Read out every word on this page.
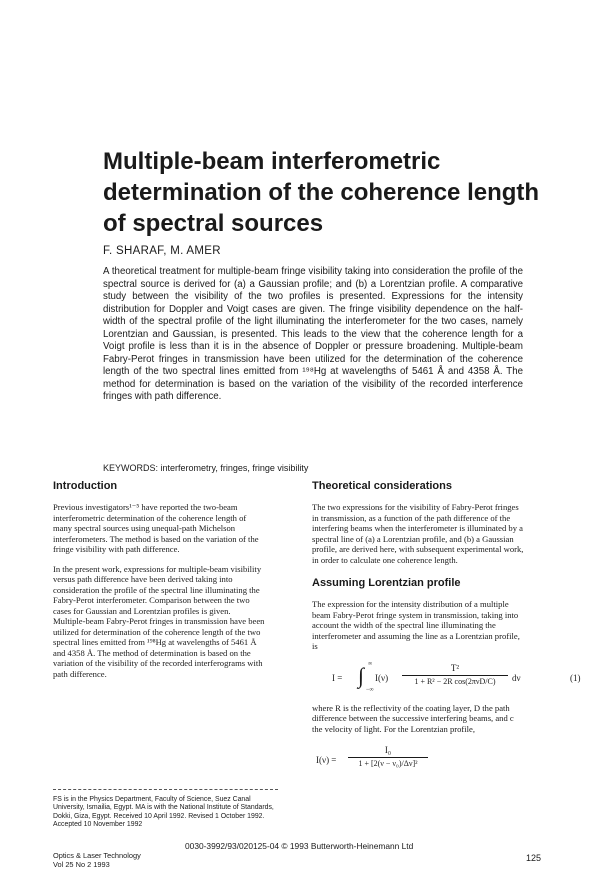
Multiple-beam interferometric determination of the coherence length of spectral sources
F. SHARAF, M. AMER
A theoretical treatment for multiple-beam fringe visibility taking into consideration the profile of the spectral source is derived for (a) a Gaussian profile; and (b) a Lorentzian profile. A comparative study between the visibility of the two profiles is presented. Expressions for the intensity distribution for Doppler and Voigt cases are given. The fringe visibility dependence on the half-width of the spectral profile of the light illuminating the interferometer for the two cases, namely Lorentzian and Gaussian, is presented. This leads to the view that the coherence length for a Voigt profile is less than it is in the absence of Doppler or pressure broadening. Multiple-beam Fabry-Perot fringes in transmission have been utilized for the determination of the coherence length of the two spectral lines emitted from ¹⁹⁸Hg at wavelengths of 5461 Å and 4358 Å. The method for determination is based on the variation of the visibility of the recorded interference fringes with path difference.
KEYWORDS: interferometry, fringes, fringe visibility
Introduction

Previous investigators¹⁻⁵ have reported the two-beam interferometric determination of the coherence length of many spectral sources using unequal-path Michelson interferometers. The method is based on the variation of the fringe visibility with path difference.

In the present work, expressions for multiple-beam visibility versus path difference have been derived taking into consideration the profile of the spectral line illuminating the Fabry-Perot interferometer. Comparison between the two cases for Gaussian and Lorentzian profiles is given. Multiple-beam Fabry-Perot fringes in transmission have been utilized for determination of the coherence length of the two spectral lines emitted from ¹⁹⁸Hg at wavelengths of 5461 Å and 4358 Å. The method of determination is based on the variation of the visibility of the recorded interferograms with path difference.

Theoretical considerations

The two expressions for the visibility of Fabry-Perot fringes in transmission, as a function of the path difference of the interfering beams when the interferometer is illuminated by a spectral line of (a) a Lorentzian profile, and (b) a Gaussian profile, are derived here, with subsequent experimental work, in order to calculate one coherence length.

Assuming Lorentzian profile

The expression for the intensity distribution of a multiple beam Fabry-Perot fringe system in transmission, taking into account the width of the spectral line illuminating the interferometer and assuming the line as a Lorentzian profile, is

I = ∫ ∞
−∞
I(ν)
T²
1 + R² − 2R cos(2πνD/C)	dν	(1)

where R is the reflectivity of the coating layer, D the path difference between the successive interfering beams, and c the velocity of light. For the Lorentzian profile,

I(ν) =
I₀
1 + [2(ν − ν₀)/Δν]²
FS is in the Physics Department, Faculty of Science, Suez Canal University, Ismailia, Egypt. MA is with the National Institute of Standards, Dokki, Giza, Egypt. Received 10 April 1992. Revised 1 October 1992. Accepted 10 November 1992
0030-3992/93/020125-04 © 1993 Butterworth-Heinemann Ltd
Optics & Laser Technology
Vol 25 No 2 1993
125
